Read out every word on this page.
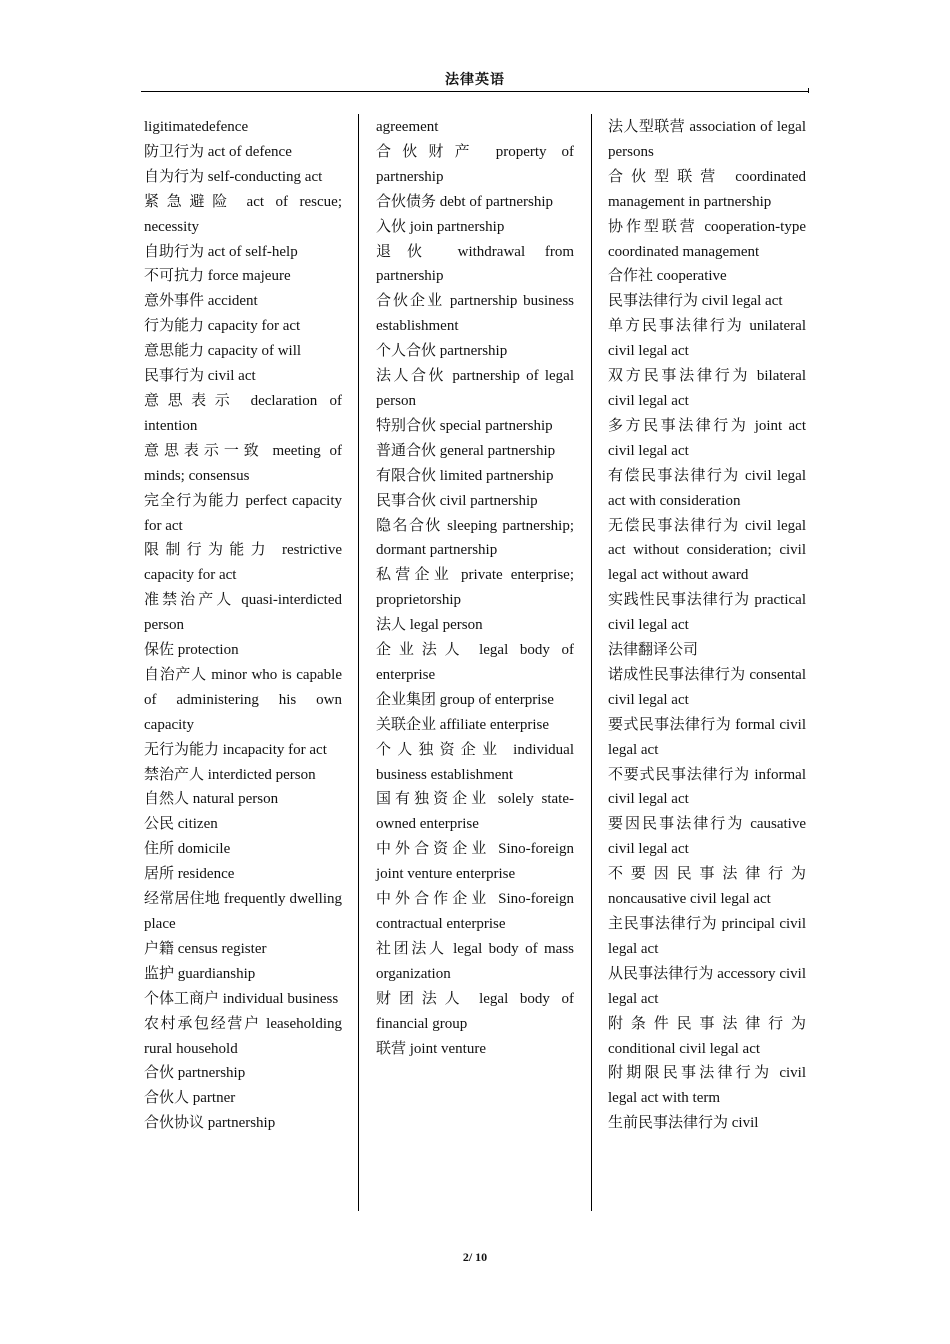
法律英语

ligitimatedefence

防卫行为 act of defence

自为行为 self-conducting act

紧急避险 act of rescue; necessity

自助行为 act of self-help

不可抗力 force majeure

意外事件 accident

行为能力 capacity for act

意思能力 capacity of will

民事行为 civil act

意思表示 declaration of intention

意思表示一致 meeting of minds; consensus

完全行为能力 perfect capacity for act

限制行为能力 restrictive capacity for act

准禁治产人 quasi-interdicted person

保佐 protection

自治产人 minor who is capable of administering his own capacity

无行为能力 incapacity for act

禁治产人 interdicted person

自然人 natural person

公民 citizen

住所 domicile

居所 residence

经常居住地 frequently dwelling place

户籍 census register

监护 guardianship

个体工商户 individual business

农村承包经营户 leaseholding rural household

合伙 partnership

合伙人 partner

合伙协议 partnership

agreement

合伙财产 property of partnership

合伙债务 debt of partnership

入伙 join partnership

退伙 withdrawal from partnership

合伙企业 partnership business establishment

个人合伙 partnership

法人合伙 partnership of legal person

特别合伙 special partnership

普通合伙 general partnership

有限合伙 limited partnership

民事合伙 civil partnership

隐名合伙 sleeping partnership; dormant partnership

私营企业 private enterprise; proprietorship

法人 legal person

企业法人 legal body of enterprise

企业集团 group of enterprise

关联企业 affiliate enterprise

个人独资企业 individual business establishment

国有独资企业 solely state-owned enterprise

中外合资企业 Sino-foreign joint venture enterprise

中外合作企业 Sino-foreign contractual enterprise

社团法人 legal body of mass organization

财团法人 legal body of financial group

联营 joint venture

法人型联营 association of legal persons

合伙型联营 coordinated management in partnership

协作型联营 cooperation-type coordinated management

合作社 cooperative

民事法律行为 civil legal act

单方民事法律行为 unilateral civil legal act

双方民事法律行为 bilateral civil legal act

多方民事法律行为 joint act civil legal act

有偿民事法律行为 civil legal act with consideration

无偿民事法律行为 civil legal act without consideration; civil legal act without award

实践性民事法律行为 practical civil legal act

法律翻译公司

诺成性民事法律行为 consental civil legal act

要式民事法律行为 formal civil legal act

不要式民事法律行为 informal civil legal act

要因民事法律行为 causative civil legal act

不要因民事法律行为 noncausative civil legal act

主民事法律行为 principal civil legal act

从民事法律行为 accessory civil legal act

附条件民事法律行为 conditional civil legal act

附期限民事法律行为 civil legal act with term

生前民事法律行为 civil

2/ 10
